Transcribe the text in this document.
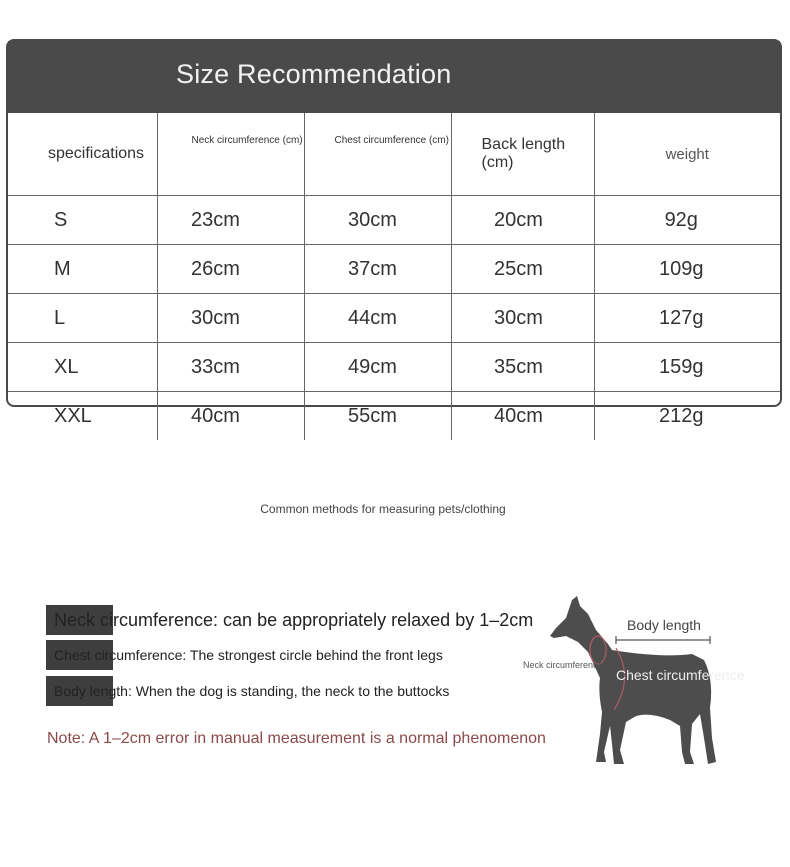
Size Recommendation
specifications	Neck circumference (cm)	Chest circumference (cm)	Back length (cm)	weight
S	23cm	30cm	20cm	92g
M	26cm	37cm	25cm	109g
L	30cm	44cm	30cm	127g
XL	33cm	49cm	35cm	159g
XXL	40cm	55cm	40cm	212g
Common methods for measuring pets/clothing
Neck circumference: can be appropriately relaxed by 1–2cm
Chest circumference: The strongest circle behind the front legs
Body length: When the dog is standing, the neck to the buttocks
Note: A 1–2cm error in manual measurement is a normal phenomenon
Body length
Neck circumference
Chest circumference
